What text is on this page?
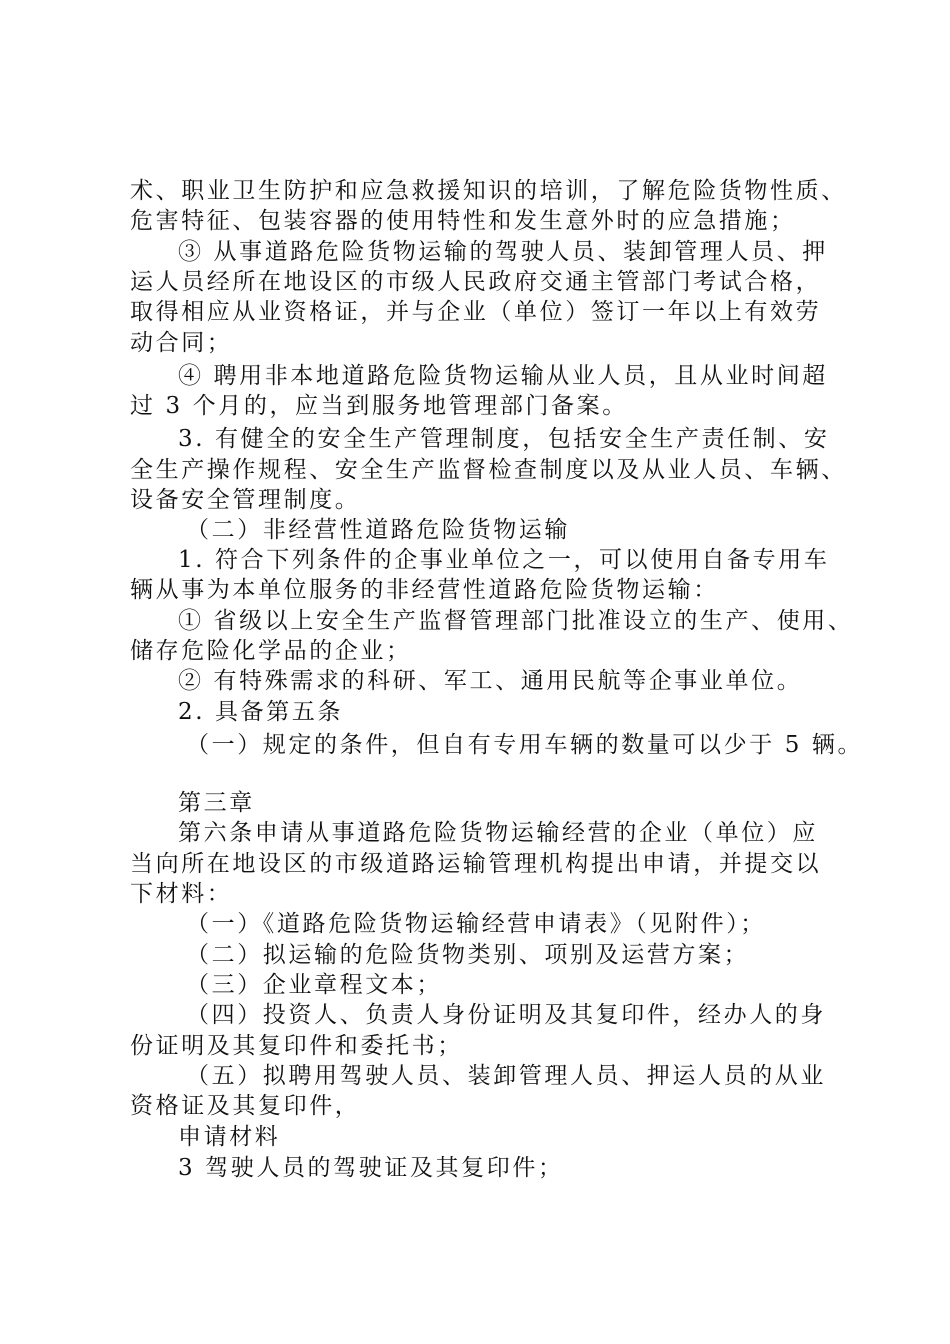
术、职业卫生防护和应急救援知识的培训，了解危险货物性质、
危害特征、包装容器的使用特性和发生意外时的应急措施；
③ 从事道路危险货物运输的驾驶人员、装卸管理人员、押
运人员经所在地设区的市级人民政府交通主管部门考试合格，
取得相应从业资格证，并与企业（单位）签订一年以上有效劳
动合同；
④ 聘用非本地道路危险货物运输从业人员，且从业时间超
过 3 个月的，应当到服务地管理部门备案。
3. 有健全的安全生产管理制度，包括安全生产责任制、安
全生产操作规程、安全生产监督检查制度以及从业人员、车辆、
设备安全管理制度。
（二）非经营性道路危险货物运输
1. 符合下列条件的企事业单位之一，可以使用自备专用车
辆从事为本单位服务的非经营性道路危险货物运输：
① 省级以上安全生产监督管理部门批准设立的生产、使用、
储存危险化学品的企业；
② 有特殊需求的科研、军工、通用民航等企事业单位。
2. 具备第五条
（一）规定的条件，但自有专用车辆的数量可以少于 5 辆。
第三章
第六条申请从事道路危险货物运输经营的企业（单位）应
当向所在地设区的市级道路运输管理机构提出申请，并提交以
下材料：
（一）《道路危险货物运输经营申请表》（见附件）；
（二）拟运输的危险货物类别、项别及运营方案；
（三）企业章程文本；
（四）投资人、负责人身份证明及其复印件，经办人的身
份证明及其复印件和委托书；
（五）拟聘用驾驶人员、装卸管理人员、押运人员的从业
资格证及其复印件，
申请材料
3 驾驶人员的驾驶证及其复印件；
